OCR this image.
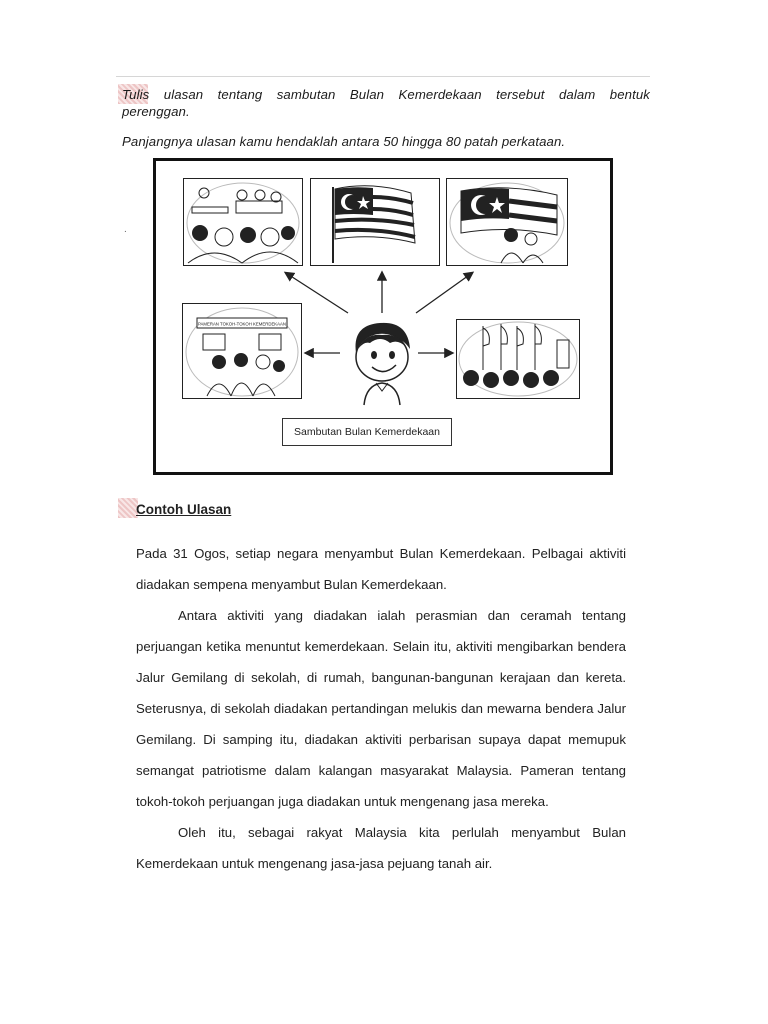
Tulis ulasan tentang sambutan Bulan Kemerdekaan tersebut dalam bentuk
perenggan.
Panjangnya ulasan kamu hendaklah antara 50 hingga 80 patah perkataan.
.
PAMERAN TOKOH-TOKOH KEMERDEKAAN
Sambutan Bulan Kemerdekaan
Contoh Ulasan

Pada 31 Ogos, setiap negara menyambut Bulan Kemerdekaan. Pelbagai aktiviti diadakan sempena menyambut Bulan Kemerdekaan.

Antara aktiviti yang diadakan ialah perasmian dan ceramah tentang perjuangan ketika menuntut kemerdekaan. Selain itu, aktiviti mengibarkan bendera Jalur Gemilang di sekolah, di rumah, bangunan-bangunan kerajaan dan kereta. Seterusnya, di sekolah diadakan pertandingan melukis dan mewarna bendera Jalur Gemilang. Di samping itu, diadakan aktiviti perbarisan supaya dapat memupuk semangat patriotisme dalam kalangan masyarakat Malaysia. Pameran tentang tokoh-tokoh perjuangan juga diadakan untuk mengenang jasa mereka.

Oleh itu, sebagai rakyat Malaysia kita perlulah menyambut Bulan Kemerdekaan untuk mengenang jasa-jasa pejuang tanah air.
